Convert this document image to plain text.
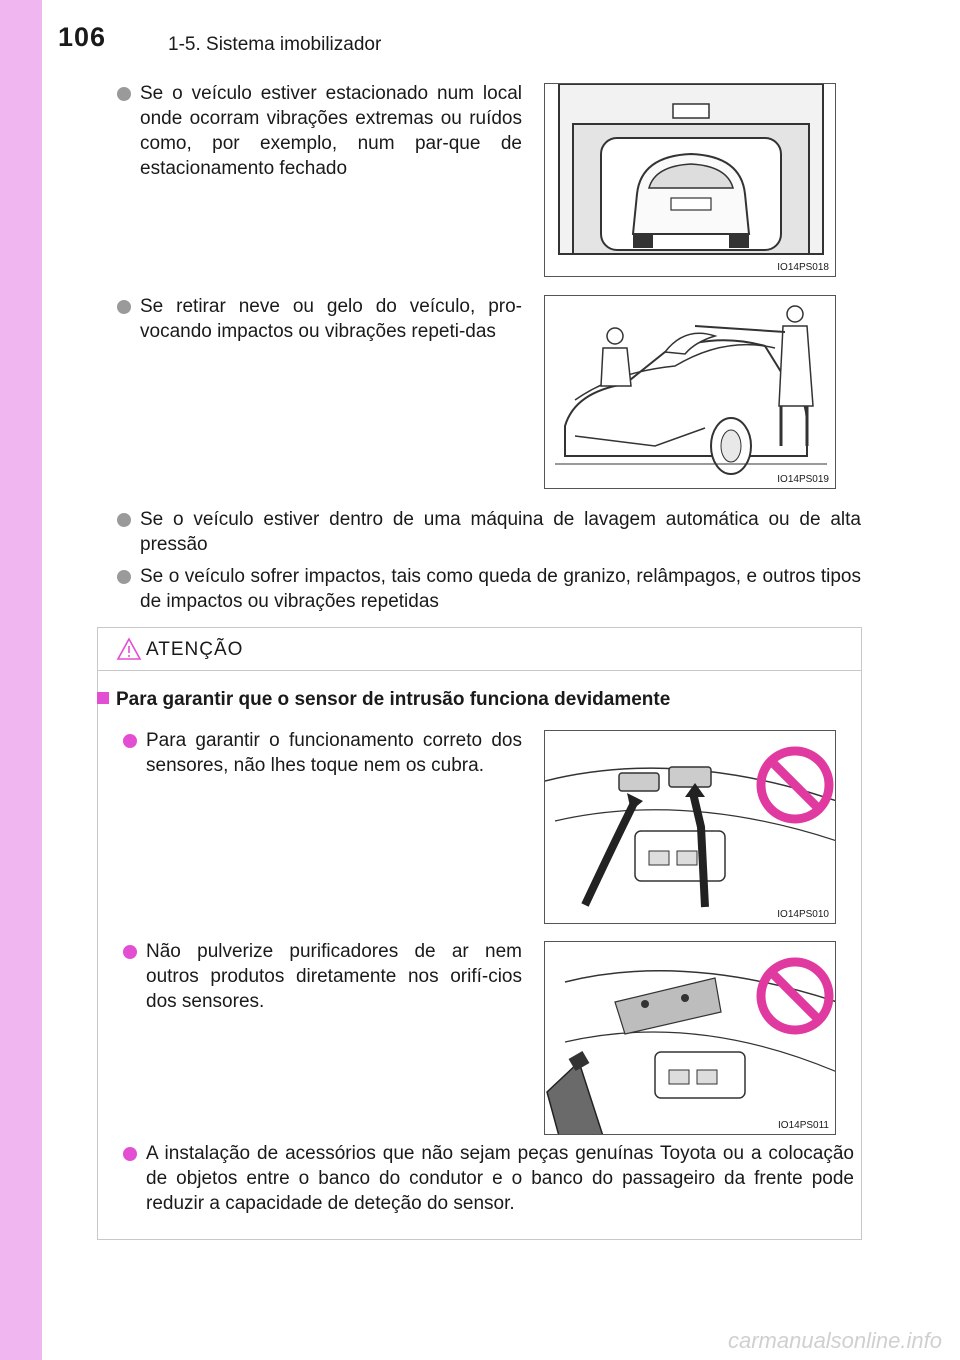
106	1-5. Sistema imobilizador
Se o veículo estiver estacionado num local onde ocorram vibrações extremas ou ruídos como, por exemplo, num par-que de estacionamento fechado
IO14PS018
Se retirar neve ou gelo do veículo, pro-vocando impactos ou vibrações repeti-das
IO14PS019
Se o veículo estiver dentro de uma máquina de lavagem automática ou de alta pressão
Se o veículo sofrer impactos, tais como queda de granizo, relâmpagos, e outros tipos de impactos ou vibrações repetidas
ATENÇÃO
Para garantir que o sensor de intrusão funciona devidamente
Para garantir o funcionamento correto dos sensores, não lhes toque nem os cubra.
IO14PS010
Não pulverize purificadores de ar nem outros produtos diretamente nos orifí-cios dos sensores.
IO14PS011
A instalação de acessórios que não sejam peças genuínas Toyota ou a colocação de objetos entre o banco do condutor e o banco do passageiro da frente pode reduzir a capacidade de deteção do sensor.
carmanualsonline.info
